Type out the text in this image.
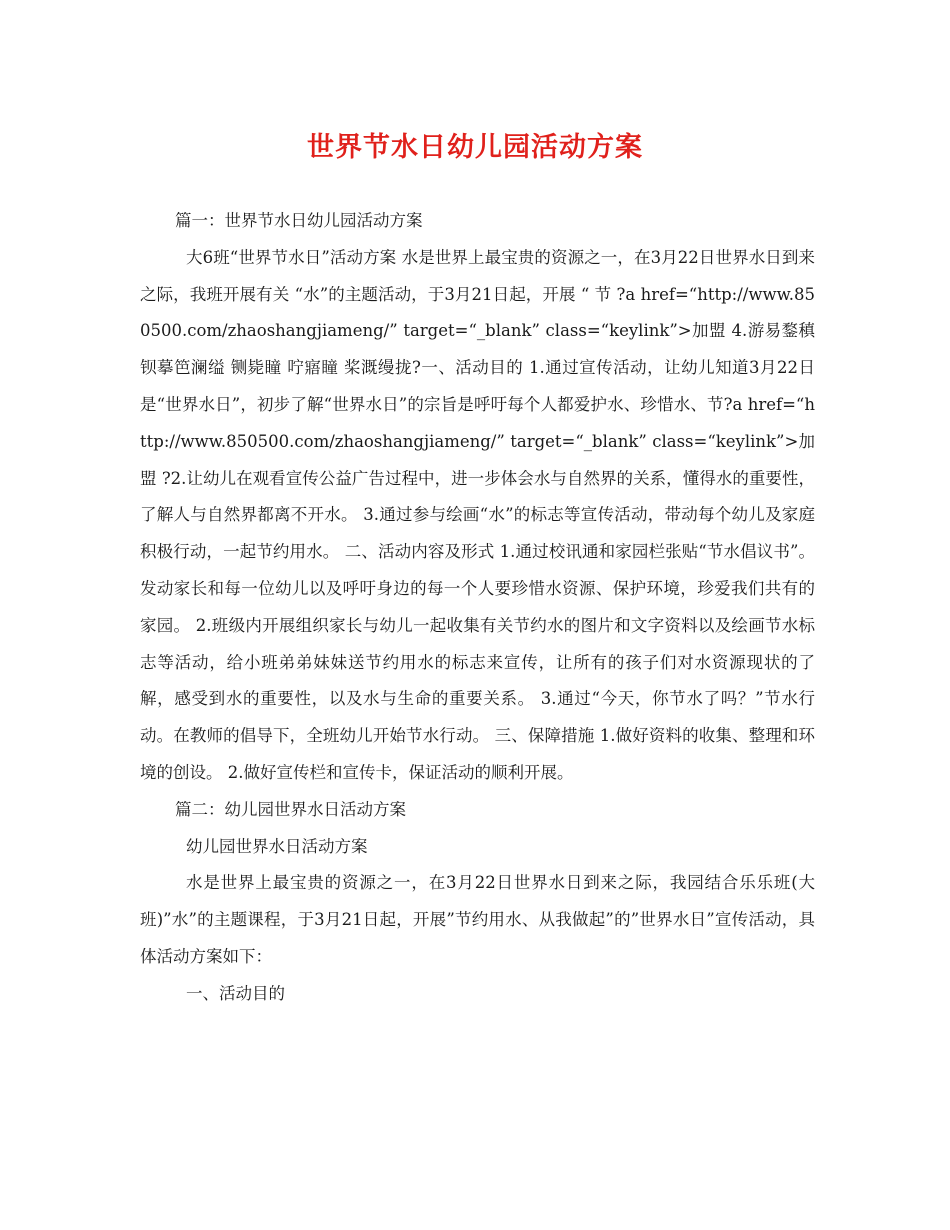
世界节水日幼儿园活动方案

篇一：世界节水日幼儿园活动方案

大6班“世界节水日”活动方案 水是世界上最宝贵的资源之一，在3月22日世界水日到来之际，我班开展有关 “水”的主题活动，于3月21日起，开展 “ 节 ?a href=“http://www.850500.com/zhaoshangjiameng/” target=“_blank” class=“keylink”>加盟 4.游易鍪稹钡摹笆澜缢 铡毙瞳 咛寤瞳 桨溉缦拢?一、活动目的 1.通过宣传活动，让幼儿知道3月22日是“世界水日”，初步了解“世界水日”的宗旨是呼吁每个人都爱护水、珍惜水、节?a href=“http://www.850500.com/zhaoshangjiameng/” target=“_blank” class=“keylink”>加盟 ?2.让幼儿在观看宣传公益广告过程中，进一步体会水与自然界的关系，懂得水的重要性，了解人与自然界都离不开水。 3.通过参与绘画“水”的标志等宣传活动，带动每个幼儿及家庭积极行动，一起节约用水。 二、活动内容及形式 1.通过校讯通和家园栏张贴“节水倡议书”。发动家长和每一位幼儿以及呼吁身边的每一个人要珍惜水资源、保护环境，珍爱我们共有的家园。 2.班级内开展组织家长与幼儿一起收集有关节约水的图片和文字资料以及绘画节水标志等活动，给小班弟弟妹妹送节约用水的标志来宣传，让所有的孩子们对水资源现状的了解，感受到水的重要性，以及水与生命的重要关系。 3.通过“今天，你节水了吗？”节水行动。在教师的倡导下，全班幼儿开始节水行动。 三、保障措施 1.做好资料的收集、整理和环境的创设。 2.做好宣传栏和宣传卡，保证活动的顺利开展。

篇二：幼儿园世界水日活动方案

幼儿园世界水日活动方案

水是世界上最宝贵的资源之一，在3月22日世界水日到来之际，我园结合乐乐班(大班)”水”的主题课程，于3月21日起，开展”节约用水、从我做起”的”世界水日”宣传活动，具体活动方案如下：

一、活动目的
